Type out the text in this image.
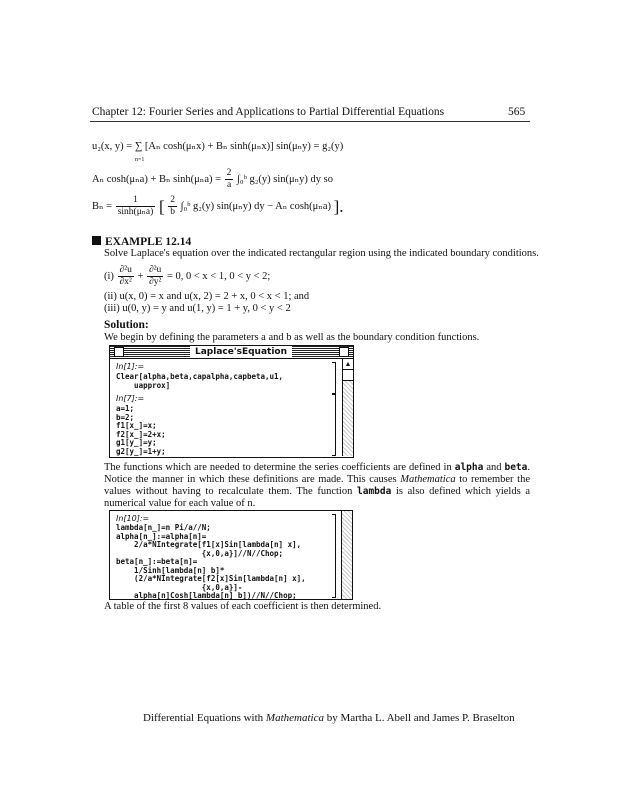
Chapter 12: Fourier Series and Applications to Partial Differential Equations	565
u₂(x, y) = ∑ [Aₙ cosh(μₙx) + Bₙ sinh(μₙx)] sin(μₙy) = g₂(y)
n=1
Aₙ cosh(μₙa) + Bₙ $\sinh(\mu_na) = \frac{2}{a}$ ∫₀ᵇ g₂(y) sin(μₙy) dy so
$B_n = \frac{1}{\text{sinh(μₙa)}}$ [ $\frac{2}{b}$ ∫₀ᵇ g₂(y) sin(μₙy) dy − Aₙ cosh(μₙa) ].
EXAMPLE 12.14
Solve Laplace's equation over the indicated rectangular region using the indicated boundary conditions.
$(i) \frac{\text{∂²u}}{\text{∂x²}} + \frac{\text{∂²u}}{\text{∂y²}} = 0$, 0 < x < 1, 0 < y < 2;
(ii) u(x, 0) = x and u(x, 2) = 2 + x, 0 < x < 1; and
(iii) u(0, y) = y and u(1, y) = 1 + y, 0 < y < 2
Solution:
We begin by defining the parameters a and b as well as the boundary condition functions.
Laplace'sEquation
▲
In[1]:=
Clear[alpha,beta,capalpha,capbeta,u1,
uapprox]
In[7]:=
a=1;
b=2;
f1[x_]=x;
f2[x_]=2+x;
g1[y_]=y;
g2[y_]=1+y;
The functions which are needed to determine the series coefficients are defined in alpha and beta. Notice the manner in which these definitions are made. This causes Mathematica to remember the values without having to recalculate them. The function lambda is also defined which yields a numerical value for each value of n.
In[10]:=
lambda[n_]=n Pi/a//N;
alpha[n_]:=alpha[n]=
2/a*NIntegrate[f1[x]Sin[lambda[n] x],
{x,0,a}]//N//Chop;
beta[n_]:=beta[n]=
1/Sinh[lambda[n] b]*
(2/a*NIntegrate[f2[x]Sin[lambda[n] x],
{x,0,a}]-
alpha[n]Cosh[lambda[n] b])//N//Chop;
A table of the first 8 values of each coefficient is then determined.
Differential Equations with Mathematica by Martha L. Abell and James P. Braselton
